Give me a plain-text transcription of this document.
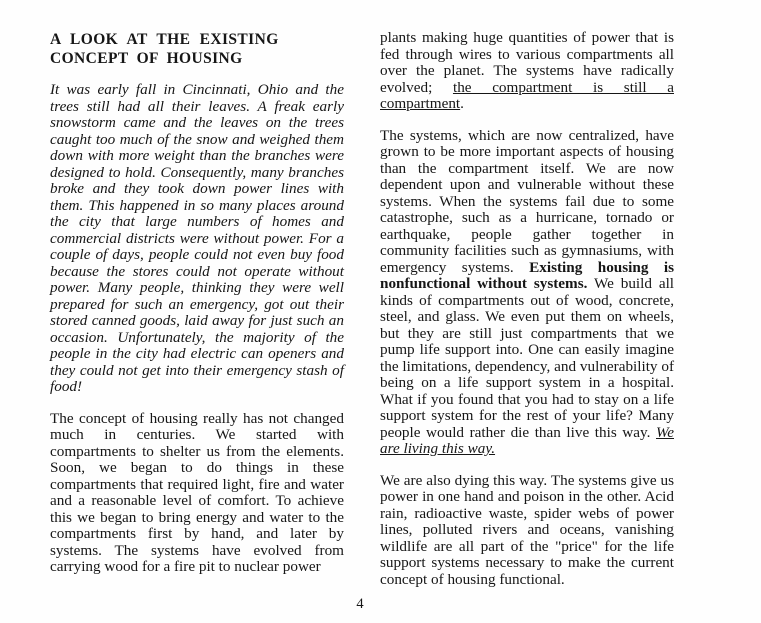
A LOOK AT THE EXISTING
CONCEPT OF HOUSING

It was early fall in Cincinnati, Ohio and the trees still had all their leaves. A freak early snowstorm came and the leaves on the trees caught too much of the snow and weighed them down with more weight than the branches were designed to hold. Consequently, many branches broke and they took down power lines with them. This happened in so many places around the city that large numbers of homes and commercial districts were without power. For a couple of days, people could not even buy food because the stores could not operate without power. Many people, thinking they were well prepared for such an emergency, got out their stored canned goods, laid away for just such an occasion. Unfortunately, the majority of the people in the city had electric can openers and they could not get into their emergency stash of food!

The concept of housing really has not changed much in centuries. We started with compartments to shelter us from the elements. Soon, we began to do things in these compartments that required light, fire and water and a reasonable level of comfort. To achieve this we began to bring energy and water to the compartments first by hand, and later by systems. The systems have evolved from carrying wood for a fire pit to nuclear power

plants making huge quantities of power that is fed through wires to various compartments all over the planet. The systems have radically evolved; the compartment is still a compartment.

The systems, which are now centralized, have grown to be more important aspects of housing than the compartment itself. We are now dependent upon and vulnerable without these systems. When the systems fail due to some catastrophe, such as a hurricane, tornado or earthquake, people gather together in community facilities such as gymnasiums, with emergency systems. Existing housing is nonfunctional without systems. We build all kinds of compartments out of wood, concrete, steel, and glass. We even put them on wheels, but they are still just compartments that we pump life support into. One can easily imagine the limitations, dependency, and vulnerability of being on a life support system in a hospital. What if you found that you had to stay on a life support system for the rest of your life? Many people would rather die than live this way. We are living this way.

We are also dying this way. The systems give us power in one hand and poison in the other. Acid rain, radioactive waste, spider webs of power lines, polluted rivers and oceans, vanishing wildlife are all part of the "price" for the life support systems necessary to make the current concept of housing functional.

4
